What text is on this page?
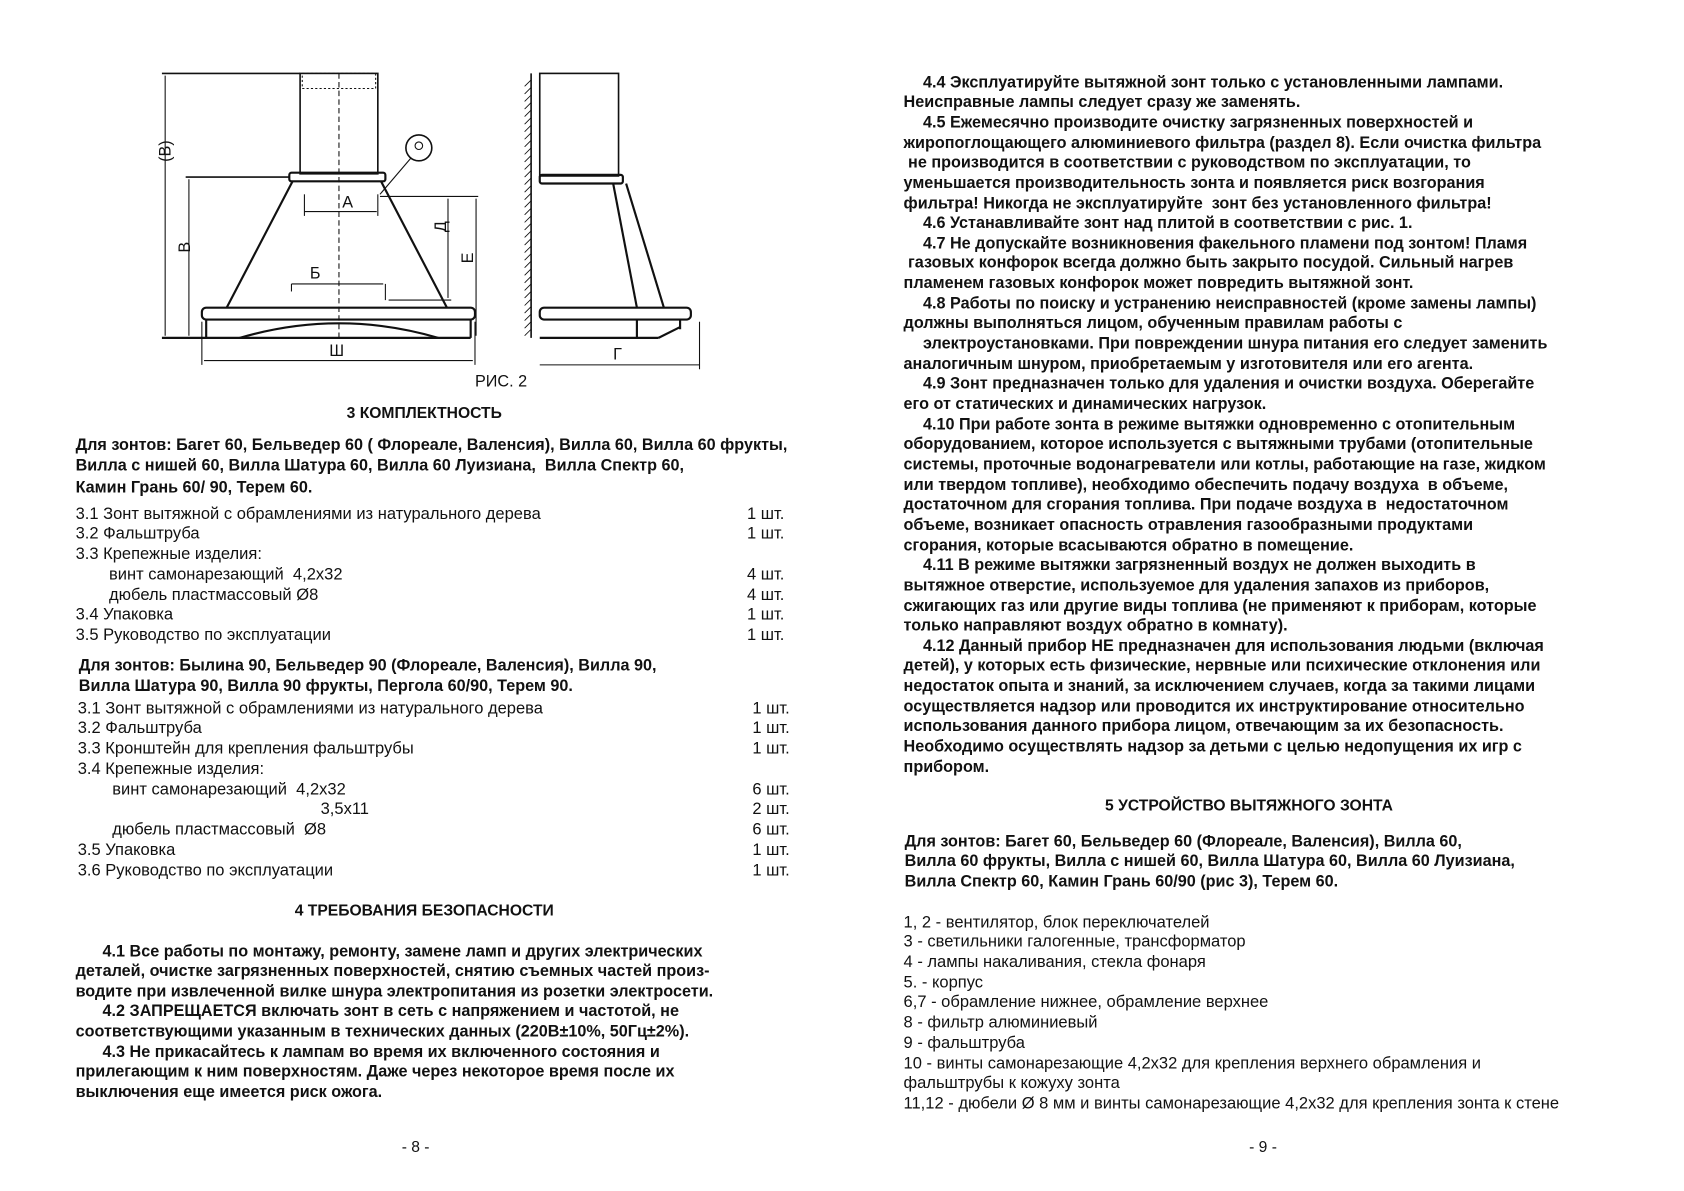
(В)
В
А
Б
Д
Е
Ш	Г
РИС. 2
3 КОМПЛЕКТНОСТЬ
4 ТРЕБОВАНИЯ БЕЗОПАСНОСТИ
- 8 -
5 УСТРОЙСТВО ВЫТЯЖНОГО ЗОНТА
- 9 -
Для зонтов: Багет 60, Бельведер 60 ( Флореале, Валенсия), Вилла 60, Вилла 60 фрукты,
Вилла с нишей 60, Вилла Шатура 60, Вилла 60 Луизиана,  Вилла Спектр 60,
Камин Грань 60/ 90, Терем 60.
3.1 Зонт вытяжной с обрамлениями из натурального дерева	1 шт.
3.2 Фальштруба	1 шт.
3.3 Крепежные изделия:
винт самонарезающий  4,2х32	4 шт.
дюбель пластмассовый Ø8	4 шт.
3.4 Упаковка	1 шт.
3.5 Руководство по эксплуатации	1 шт.
Для зонтов: Былина 90, Бельведер 90 (Флореале, Валенсия), Вилла 90,
Вилла Шатура 90, Вилла 90 фрукты, Пергола 60/90, Терем 90.
3.1 Зонт вытяжной с обрамлениями из натурального дерева	1 шт.
3.2 Фальштруба	1 шт.
3.3 Кронштейн для крепления фальштрубы	1 шт.
3.4 Крепежные изделия:
винт самонарезающий  4,2х32	6 шт.
3,5х11	2 шт.
дюбель пластмассовый  Ø8	6 шт.
3.5 Упаковка	1 шт.
3.6 Руководство по эксплуатации	1 шт.
4.1 Все работы по монтажу, ремонту, замене ламп и других электрических
деталей, очистке загрязненных поверхностей, снятию съемных частей произ-
водите при извлеченной вилке шнура электропитания из розетки электросети.
4.2 ЗАПРЕЩАЕТСЯ включать зонт в сеть с напряжением и частотой, не
соответствующими указанным в технических данных (220В±10%, 50Гц±2%).
4.3 Не прикасайтесь к лампам во время их включенного состояния и
прилегающим к ним поверхностям. Даже через некоторое время после их
выключения еще имеется риск ожога.
4.4 Эксплуатируйте вытяжной зонт только с установленными лампами.
Неисправные лампы следует сразу же заменять.
4.5 Ежемесячно производите очистку загрязненных поверхностей и
жиропоглощающего алюминиевого фильтра (раздел 8). Если очистка фильтра
не производится в соответствии с руководством по эксплуатации, то
уменьшается производительность зонта и появляется риск возгорания
фильтра! Никогда не эксплуатируйте  зонт без установленного фильтра!
4.6 Устанавливайте зонт над плитой в соответствии с рис. 1.
4.7 Не допускайте возникновения факельного пламени под зонтом! Пламя
газовых конфорок всегда должно быть закрыто посудой. Сильный нагрев
пламенем газовых конфорок может повредить вытяжной зонт.
4.8 Работы по поиску и устранению неисправностей (кроме замены лампы)
должны выполняться лицом, обученным правилам работы с
электроустановками. При повреждении шнура питания его следует заменить
аналогичным шнуром, приобретаемым у изготовителя или его агента.
4.9 Зонт предназначен только для удаления и очистки воздуха. Оберегайте
его от статических и динамических нагрузок.
4.10 При работе зонта в режиме вытяжки одновременно с отопительным
оборудованием, которое используется с вытяжными трубами (отопительные
системы, проточные водонагреватели или котлы, работающие на газе, жидком
или твердом топливе), необходимо обеспечить подачу воздуха  в объеме,
достаточном для сгорания топлива. При подаче воздуха в  недостаточном
объеме, возникает опасность отравления газообразными продуктами
сгорания, которые всасываются обратно в помещение.
4.11 В режиме вытяжки загрязненный воздух не должен выходить в
вытяжное отверстие, используемое для удаления запахов из приборов,
сжигающих газ или другие виды топлива (не применяют к приборам, которые
только направляют воздух обратно в комнату).
4.12 Данный прибор НЕ предназначен для использования людьми (включая
детей), у которых есть физические, нервные или психические отклонения или
недостаток опыта и знаний, за исключением случаев, когда за такими лицами
осуществляется надзор или проводится их инструктирование относительно
использования данного прибора лицом, отвечающим за их безопасность.
Необходимо осуществлять надзор за детьми с целью недопущения их игр с
прибором.
Для зонтов: Багет 60, Бельведер 60 (Флореале, Валенсия), Вилла 60,
Вилла 60 фрукты, Вилла с нишей 60, Вилла Шатура 60, Вилла 60 Луизиана,
Вилла Спектр 60, Камин Грань 60/90 (рис 3), Терем 60.
1, 2 - вентилятор, блок переключателей
3 - светильники галогенные, трансформатор
4 - лампы накаливания, стекла фонаря
5. - корпус
6,7 - обрамление нижнее, обрамление верхнее
8 - фильтр алюминиевый
9 - фальштруба
10 - винты самонарезающие 4,2х32 для крепления верхнего обрамления и
фальштрубы к кожуху зонта
11,12 - дюбели Ø 8 мм и винты самонарезающие 4,2х32 для крепления зонта к стене
